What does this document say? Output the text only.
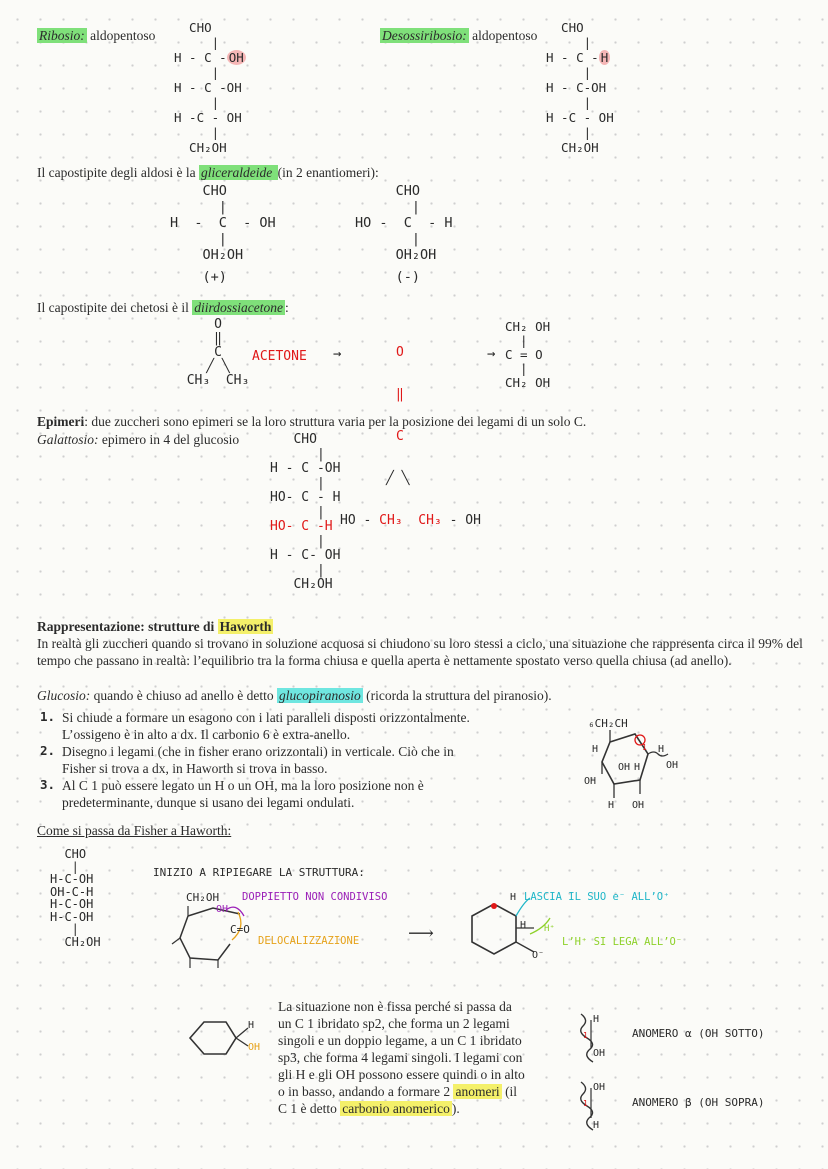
Ribosio: aldopentoso
CHO
|
H - C - OH
|
H - C -OH
|
H -C - OH
|
CH₂OH
Desossiribosio: aldopentoso
CHO
|
H - C - H
|
H - C-OH
|
H -C - OH
|
CH₂OH
Il capostipite degli aldosi è la gliceraldeide (in 2 enantiomeri):
CHO
|
H  -  C  - OH
|
OH₂OH
(+)
CHO
|
HO -  C  - H
|
OH₂OH
(-)
Il capostipite dei chetosi è il diirdossiacetone :
O
‖
C
╱ ╲
CH₃  CH₃
ACETONE →

	O

‖

C

╱ ╲

HO - CH₃ CH₃ - OH

→
CH₂ OH
|
C = O
|
CH₂ OH
Epimeri: due zuccheri sono epimeri se la loro struttura varia per la posizione dei legami di un solo C.
Galattosio: epimero in 4 del glucosio CHO
|
H - C -OH
|
HO- C - H
|
HO- C -H
|
H - C- OH
|
CH₂OH
Rappresentazione: strutture di Haworth

In realtà gli zuccheri quando si trovano in soluzione acquosa si chiudono su loro stessi a ciclo, una situazione che rappresenta circa il 99% del tempo che passano in realtà: l’equilibrio tra la forma chiusa e quella aperta è nettamente spostato verso quella chiusa (ad anello).

Glucosio: quando è chiuso ad anello è detto glucopiranosio (ricorda la struttura del piranosio).
1. Si chiude a formare un esagono con i lati paralleli disposti orizzontalmente. L’ossigeno è in alto a dx. Il carbonio 6 è extra-anello.
2. Disegno i legami (che in fisher erano orizzontali) in verticale. Ciò che in Fisher si trova a dx, in Haworth si trova in basso.
3. Al C 1 può essere legato un H o un OH, ma la loro posizione non è predeterminante, dunque si usano dei legami ondulati.
1
₆CH₂CH
H	H
OH
OH H
OH
H OH
Come si passa da Fisher a Haworth:
CHO
|
H-C-OH
OH-C-H
H-C-OH
H-C-OH
|
CH₂OH
INIZIO A RIPIEGARE LA STRUTTURA:
CH₂OH
OH
C=O
DOPPIETTO NON CONDIVISO
DELOCALIZZAZIONE	⟶
H
O⁻
H H⁺
LASCIA IL SUO e⁻ ALL’O⁺
L’H⁺ SI LEGA ALL’O⁻
H
OH

La situazione non è fissa perché si passa da un C 1 ibridato sp2, che forma un 2 legami singoli e un doppio legame, a un C 1 ibridato sp3, che forma 4 legami singoli. I legami con gli H e gli OH possono essere quindi o in alto o in basso, andando a formare 2 anomeri (il C 1 è detto carbonio anomerico ).

H
OH
1	ANOMERO α (OH SOTTO)
OH
H
1	ANOMERO β (OH SOPRA)
